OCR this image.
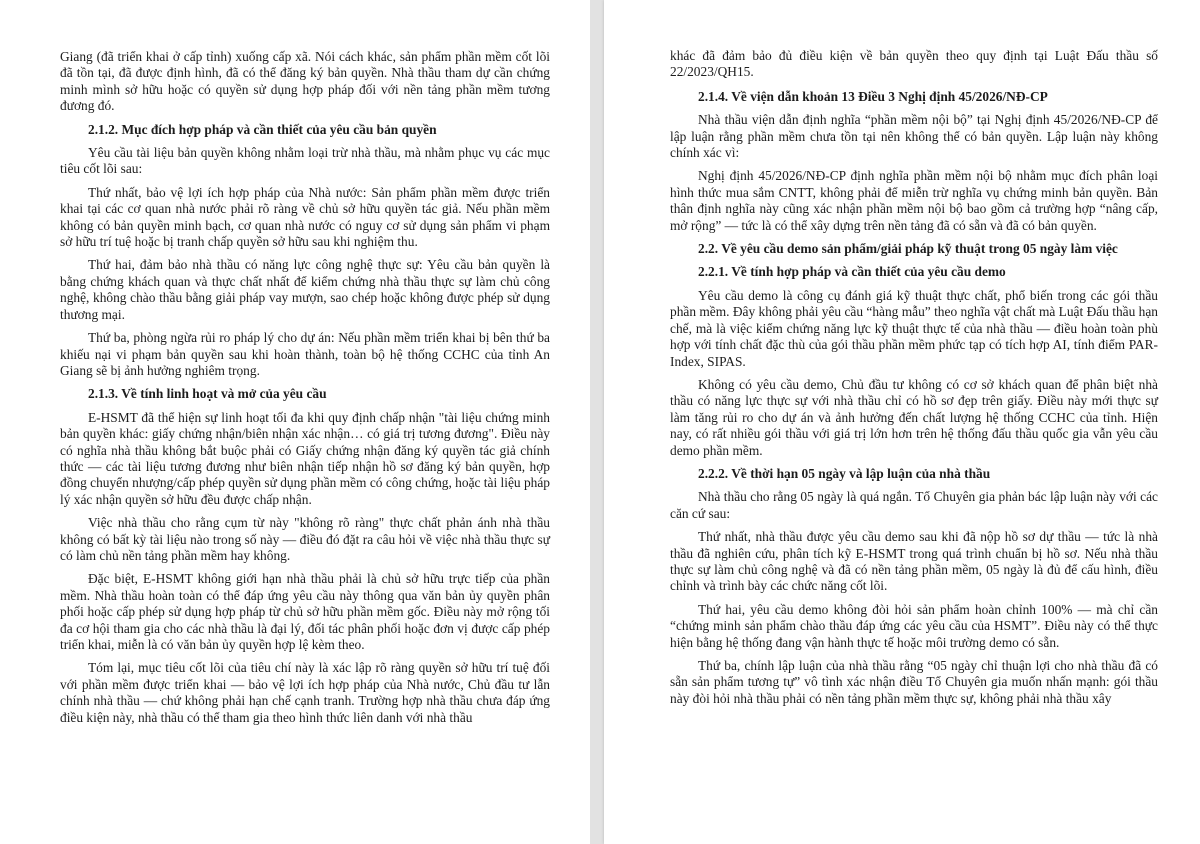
Giang (đã triển khai ở cấp tỉnh) xuống cấp xã. Nói cách khác, sản phẩm phần mềm cốt lõi đã tồn tại, đã được định hình, đã có thể đăng ký bản quyền. Nhà thầu tham dự cần chứng minh mình sở hữu hoặc có quyền sử dụng hợp pháp đối với nền tảng phần mềm tương đương đó.

2.1.2. Mục đích hợp pháp và cần thiết của yêu cầu bản quyền

Yêu cầu tài liệu bản quyền không nhằm loại trừ nhà thầu, mà nhằm phục vụ các mục tiêu cốt lõi sau:

Thứ nhất, bảo vệ lợi ích hợp pháp của Nhà nước: Sản phẩm phần mềm được triển khai tại các cơ quan nhà nước phải rõ ràng về chủ sở hữu quyền tác giả. Nếu phần mềm không có bản quyền minh bạch, cơ quan nhà nước có nguy cơ sử dụng sản phẩm vi phạm sở hữu trí tuệ hoặc bị tranh chấp quyền sở hữu sau khi nghiệm thu.

Thứ hai, đảm bảo nhà thầu có năng lực công nghệ thực sự: Yêu cầu bản quyền là bằng chứng khách quan và thực chất nhất để kiểm chứng nhà thầu thực sự làm chủ công nghệ, không chào thầu bằng giải pháp vay mượn, sao chép hoặc không được phép sử dụng thương mại.

Thứ ba, phòng ngừa rủi ro pháp lý cho dự án: Nếu phần mềm triển khai bị bên thứ ba khiếu nại vi phạm bản quyền sau khi hoàn thành, toàn bộ hệ thống CCHC của tỉnh An Giang sẽ bị ảnh hưởng nghiêm trọng.

2.1.3. Về tính linh hoạt và mở của yêu cầu

E-HSMT đã thể hiện sự linh hoạt tối đa khi quy định chấp nhận "tài liệu chứng minh bản quyền khác: giấy chứng nhận/biên nhận xác nhận… có giá trị tương đương". Điều này có nghĩa nhà thầu không bắt buộc phải có Giấy chứng nhận đăng ký quyền tác giả chính thức — các tài liệu tương đương như biên nhận tiếp nhận hồ sơ đăng ký bản quyền, hợp đồng chuyển nhượng/cấp phép quyền sử dụng phần mềm có công chứng, hoặc tài liệu pháp lý xác nhận quyền sở hữu đều được chấp nhận.

Việc nhà thầu cho rằng cụm từ này "không rõ ràng" thực chất phản ánh nhà thầu không có bất kỳ tài liệu nào trong số này — điều đó đặt ra câu hỏi về việc nhà thầu thực sự có làm chủ nền tảng phần mềm hay không.

Đặc biệt, E-HSMT không giới hạn nhà thầu phải là chủ sở hữu trực tiếp của phần mềm. Nhà thầu hoàn toàn có thể đáp ứng yêu cầu này thông qua văn bản ủy quyền phân phối hoặc cấp phép sử dụng hợp pháp từ chủ sở hữu phần mềm gốc. Điều này mở rộng tối đa cơ hội tham gia cho các nhà thầu là đại lý, đối tác phân phối hoặc đơn vị được cấp phép triển khai, miễn là có văn bản ủy quyền hợp lệ kèm theo.

Tóm lại, mục tiêu cốt lõi của tiêu chí này là xác lập rõ ràng quyền sở hữu trí tuệ đối với phần mềm được triển khai — bảo vệ lợi ích hợp pháp của Nhà nước, Chủ đầu tư lẫn chính nhà thầu — chứ không phải hạn chế cạnh tranh. Trường hợp nhà thầu chưa đáp ứng điều kiện này, nhà thầu có thể tham gia theo hình thức liên danh với nhà thầu

khác đã đảm bảo đủ điều kiện về bản quyền theo quy định tại Luật Đấu thầu số 22/2023/QH15.

2.1.4. Về viện dẫn khoản 13 Điều 3 Nghị định 45/2026/NĐ-CP

Nhà thầu viện dẫn định nghĩa “phần mềm nội bộ” tại Nghị định 45/2026/NĐ-CP để lập luận rằng phần mềm chưa tồn tại nên không thể có bản quyền. Lập luận này không chính xác vì:

Nghị định 45/2026/NĐ-CP định nghĩa phần mềm nội bộ nhằm mục đích phân loại hình thức mua sắm CNTT, không phải để miễn trừ nghĩa vụ chứng minh bản quyền. Bản thân định nghĩa này cũng xác nhận phần mềm nội bộ bao gồm cả trường hợp “nâng cấp, mở rộng” — tức là có thể xây dựng trên nền tảng đã có sẵn và đã có bản quyền.

2.2. Về yêu cầu demo sản phẩm/giải pháp kỹ thuật trong 05 ngày làm việc
2.2.1. Về tính hợp pháp và cần thiết của yêu cầu demo

Yêu cầu demo là công cụ đánh giá kỹ thuật thực chất, phổ biến trong các gói thầu phần mềm. Đây không phải yêu cầu “hàng mẫu” theo nghĩa vật chất mà Luật Đấu thầu hạn chế, mà là việc kiểm chứng năng lực kỹ thuật thực tế của nhà thầu — điều hoàn toàn phù hợp với tính chất đặc thù của gói thầu phần mềm phức tạp có tích hợp AI, tính điểm PAR-Index, SIPAS.

Không có yêu cầu demo, Chủ đầu tư không có cơ sở khách quan để phân biệt nhà thầu có năng lực thực sự với nhà thầu chỉ có hồ sơ đẹp trên giấy. Điều này mới thực sự làm tăng rủi ro cho dự án và ảnh hưởng đến chất lượng hệ thống CCHC của tỉnh. Hiện nay, có rất nhiều gói thầu với giá trị lớn hơn trên hệ thống đấu thầu quốc gia vẫn yêu cầu demo phần mềm.

2.2.2. Về thời hạn 05 ngày và lập luận của nhà thầu

Nhà thầu cho rằng 05 ngày là quá ngắn. Tổ Chuyên gia phản bác lập luận này với các căn cứ sau:

Thứ nhất, nhà thầu được yêu cầu demo sau khi đã nộp hồ sơ dự thầu — tức là nhà thầu đã nghiên cứu, phân tích kỹ E-HSMT trong quá trình chuẩn bị hồ sơ. Nếu nhà thầu thực sự làm chủ công nghệ và đã có nền tảng phần mềm, 05 ngày là đủ để cấu hình, điều chỉnh và trình bày các chức năng cốt lõi.

Thứ hai, yêu cầu demo không đòi hỏi sản phẩm hoàn chỉnh 100% — mà chỉ cần “chứng minh sản phẩm chào thầu đáp ứng các yêu cầu của HSMT”. Điều này có thể thực hiện bằng hệ thống đang vận hành thực tế hoặc môi trường demo có sẵn.

Thứ ba, chính lập luận của nhà thầu rằng “05 ngày chỉ thuận lợi cho nhà thầu đã có sẵn sản phẩm tương tự” vô tình xác nhận điều Tổ Chuyên gia muốn nhấn mạnh: gói thầu này đòi hỏi nhà thầu phải có nền tảng phần mềm thực sự, không phải nhà thầu xây
